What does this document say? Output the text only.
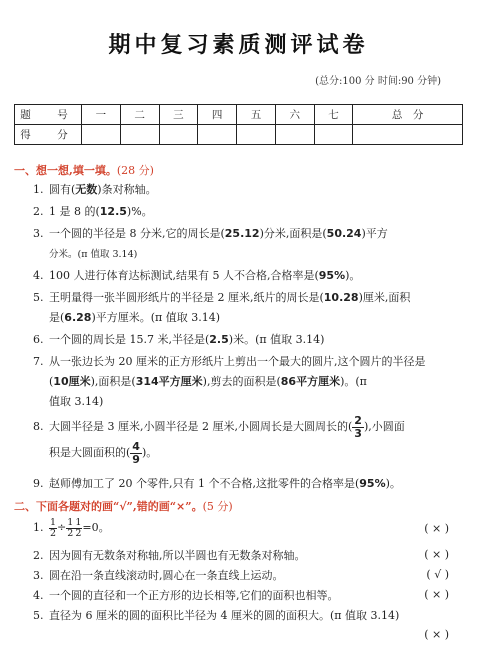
期中复习素质测评试卷
(总分:100 分 时间:90 分钟)
题　号	一	二	三	四	五	六	七	总　分
得　分								
一、想一想,填一填。(28 分)
1. 圆有(无数)条对称轴。
2. 1 是 8 的(12.5)%。
3. 一个圆的半径是 8 分米,它的周长是(25.12)分米,面积是(50.24)平方
分米。(π 值取 3.14)
4. 100 人进行体育达标测试,结果有 5 人不合格,合格率是(95%)。
5. 王明量得一张半圆形纸片的半径是 2 厘米,纸片的周长是(10.28)厘米,面积
是(6.28)平方厘米。(π 值取 3.14)
6. 一个圆的周长是 15.7 米,半径是(2.5)米。(π 值取 3.14)
7. 从一张边长为 20 厘米的正方形纸片上剪出一个最大的圆片,这个圆片的半径是
(10厘米),面积是(314平方厘米),剪去的面积是(86平方厘米)。(π
值取 3.14)
8. 大圆半径是 3 厘米,小圆半径是 2 厘米,小圆周长是大圆周长的( $\frac{2}{3}$ ),小圆面
积是大圆面积的( $\frac{4}{9}$ )。
9. 赵师傅加工了 20 个零件,只有 1 个不合格,这批零件的合格率是(95%)。
二、下面各题对的画“√”,错的画“×”。(5 分)
1. $\frac{1}{2} \div \frac{1}{2} \frac{1}{2} =0$。	( × )
2. 因为圆有无数条对称轴,所以半圆也有无数条对称轴。	( × )
3. 圆在沿一条直线滚动时,圆心在一条直线上运动。	( √ )
4. 一个圆的直径和一个正方形的边长相等,它们的面积也相等。	( × )
5. 直径为 6 厘米的圆的面积比半径为 4 厘米的圆的面积大。(π 值取 3.14)
( × )
